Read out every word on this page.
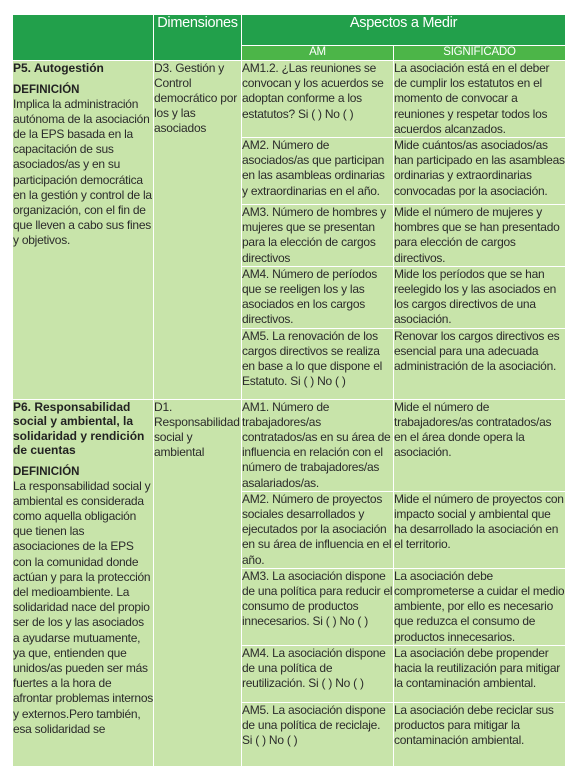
	Dimensiones	Aspectos a Medir	
		AM	SIGNIFICADO

P5. Autogestión
DEFINICIÓN
Implica la administración autónoma de la asociación de la EPS basada en la capacitación de sus asociados/as y en su participación democrática en la gestión y control de la organización, con el fin de que lleven a cabo sus fines y objetivos.	D3. Gestión y Control democrático por los y las asociados	AM1.2. ¿Las reuniones se convocan y los acuerdos se adoptan conforme a los estatutos? Si ( ) No ( )	La asociación está en el deber de cumplir los estatutos en el momento de convocar a reuniones y respetar todos los acuerdos alcanzados.

		AM2. Número de asociados/as que participan en las asambleas ordinarias y extraordinarias en el año.	Mide cuántos/as asociados/as han participado en las asambleas ordinarias y extraordinarias convocadas por la asociación.

		AM3. Número de hombres y mujeres que se presentan para la elección de cargos directivos	Mide el número de mujeres y hombres que se han presentado para elección de cargos directivos.

		AM4. Número de períodos que se reeligen los y las asociados en los cargos directivos.	Mide los períodos que se han reelegido los y las asociados en los cargos directivos de una asociación.

		AM5. La renovación de los cargos directivos se realiza en base a lo que dispone el Estatuto. Si ( ) No ( )	Renovar los cargos directivos es esencial para una adecuada administración de la asociación.

P6. Responsabilidad social y ambiental, la solidaridad y rendición de cuentas
DEFINICIÓN
La responsabilidad social y ambiental es considerada como aquella obligación que tienen las asociaciones de la EPS con la comunidad donde actúan y para la protección del medioambiente. La solidaridad nace del propio ser de los y las asociados a ayudarse mutuamente, ya que, entienden que unidos/as pueden ser más fuertes a la hora de afrontar problemas internos y externos.Pero también, esa solidaridad se	D1. Responsabilidad social y ambiental	AM1. Número de trabajadores/as contratados/as en su área de influencia en relación con el número de trabajadores/as asalariados/as.	Mide el número de trabajadores/as contratados/as en el área donde opera la asociación.

		AM2. Número de proyectos sociales desarrollados y ejecutados por la asociación en su área de influencia en el año.	Mide el número de proyectos con impacto social y ambiental que ha desarrollado la asociación en el territorio.

		AM3. La asociación dispone de una política para reducir el consumo de productos innecesarios. Si ( ) No ( )	La asociación debe comprometerse a cuidar el medio ambiente, por ello es necesario que reduzca el consumo de productos innecesarios.

		AM4. La asociación dispone de una política de reutilización. Si ( ) No ( )	La asociación debe propender hacia la reutilización para mitigar la contaminación ambiental.

		AM5. La asociación dispone de una política de reciclaje. Si ( ) No ( )	La asociación debe reciclar sus productos para mitigar la contaminación ambiental.
